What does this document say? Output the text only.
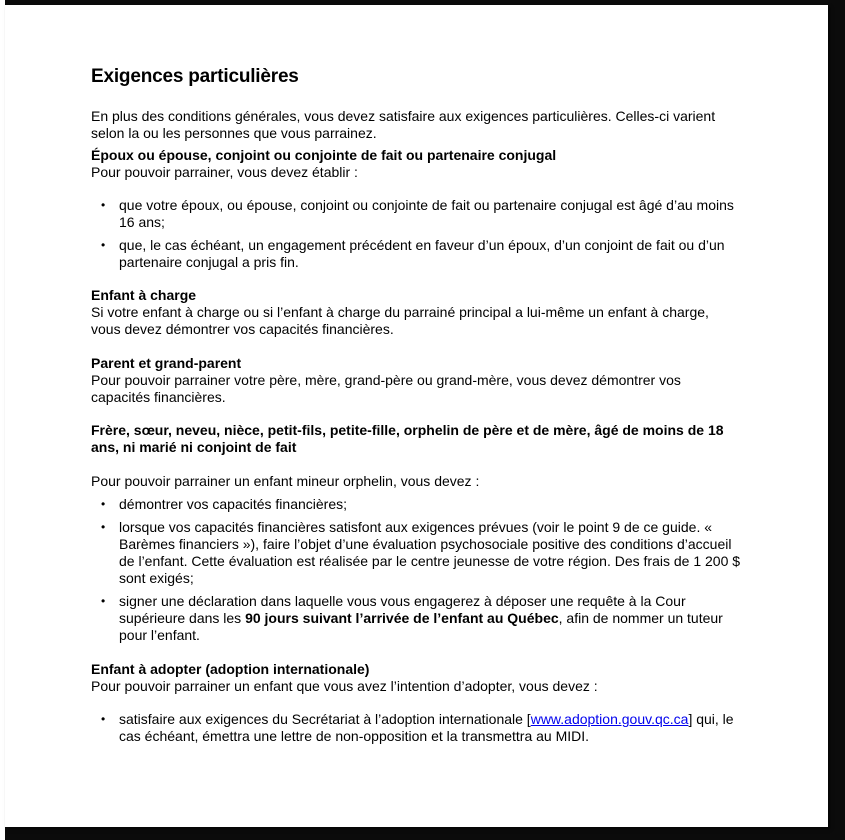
Exigences particulières

En plus des conditions générales, vous devez satisfaire aux exigences particulières. Celles-ci varient selon la ou les personnes que vous parrainez.

Époux ou épouse, conjoint ou conjointe de fait ou partenaire conjugal

Pour pouvoir parrainer, vous devez établir :

• que votre époux, ou épouse, conjoint ou conjointe de fait ou partenaire conjugal est âgé d’au moins 16 ans;
• que, le cas échéant, un engagement précédent en faveur d’un époux, d’un conjoint de fait ou d’un partenaire conjugal a pris fin.

Enfant à charge

Si votre enfant à charge ou si l’enfant à charge du parrainé principal a lui-même un enfant à charge, vous devez démontrer vos capacités financières.

Parent et grand-parent

Pour pouvoir parrainer votre père, mère, grand-père ou grand-mère, vous devez démontrer vos capacités financières.

Frère, sœur, neveu, nièce, petit-fils, petite-fille, orphelin de père et de mère, âgé de moins de 18 ans, ni marié ni conjoint de fait

Pour pouvoir parrainer un enfant mineur orphelin, vous devez :

• démontrer vos capacités financières;
• lorsque vos capacités financières satisfont aux exigences prévues (voir le point 9 de ce guide. « Barèmes financiers »), faire l’objet d’une évaluation psychosociale positive des conditions d’accueil de l’enfant. Cette évaluation est réalisée par le centre jeunesse de votre région. Des frais de 1 200 $ sont exigés;
• signer une déclaration dans laquelle vous vous engagerez à déposer une requête à la Cour supérieure dans les 90 jours suivant l’arrivée de l’enfant au Québec, afin de nommer un tuteur pour l’enfant.

Enfant à adopter (adoption internationale)

Pour pouvoir parrainer un enfant que vous avez l’intention d’adopter, vous devez :

• satisfaire aux exigences du Secrétariat à l’adoption internationale [www.adoption.gouv.qc.ca] qui, le cas échéant, émettra une lettre de non-opposition et la transmettra au MIDI.
